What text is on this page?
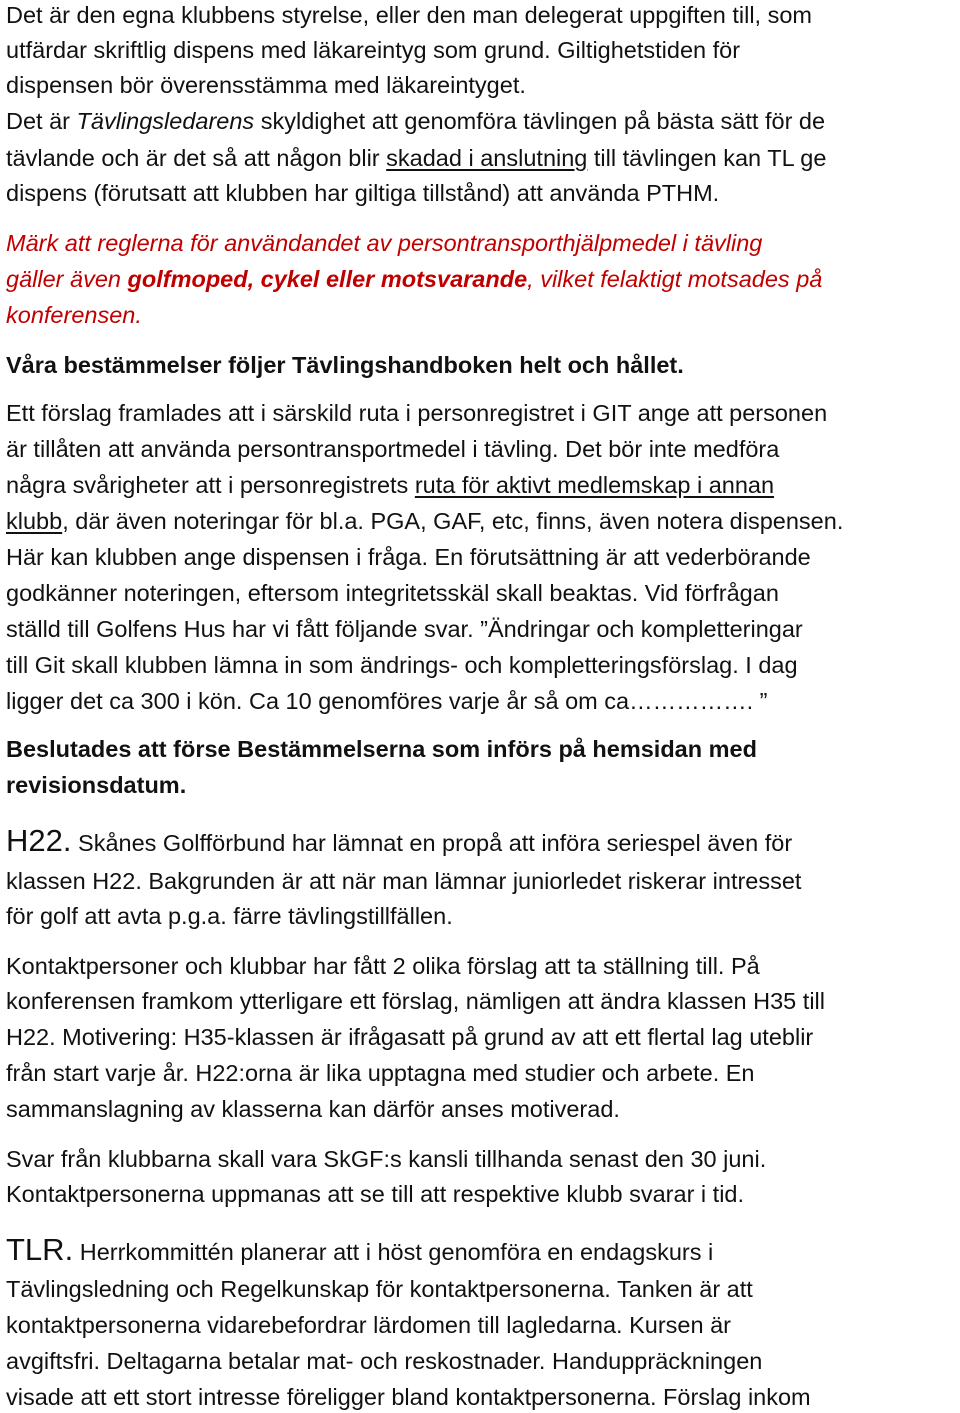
Det är den egna klubbens styrelse, eller den man delegerat uppgiften till, som
utfärdar skriftlig dispens med läkareintyg som grund. Giltighetstiden för
dispensen bör överensstämma med läkareintyget.
Det är Tävlingsledarens skyldighet att genomföra tävlingen på bästa sätt för de
tävlande och är det så att någon blir skadad i anslutning till tävlingen kan TL ge
dispens (förutsatt att klubben har giltiga tillstånd) att använda PTHM.
Märk att reglerna för användandet av persontransporthjälpmedel i tävling
gäller även golfmoped, cykel eller motsvarande, vilket felaktigt motsades på
konferensen.
Våra bestämmelser följer Tävlingshandboken helt och hållet.
Ett förslag framlades att i särskild ruta i personregistret i GIT ange att personen
är tillåten att använda persontransportmedel i tävling. Det bör inte medföra
några svårigheter att i personregistrets ruta för aktivt medlemskap i annan
klubb, där även noteringar för bl.a. PGA, GAF, etc, finns, även notera dispensen.
Här kan klubben ange dispensen i fråga. En förutsättning är att vederbörande
godkänner noteringen, eftersom integritetsskäl skall beaktas. Vid förfrågan
ställd till Golfens Hus har vi fått följande svar. ”Ändringar och kompletteringar
till Git skall klubben lämna in som ändrings- och kompletteringsförslag. I dag
ligger det ca 300 i kön. Ca 10 genomföres varje år så om ca……………. ”
Beslutades att förse Bestämmelserna som införs på hemsidan med
revisionsdatum.
H22. Skånes Golfförbund har lämnat en propå att införa seriespel även för
klassen H22. Bakgrunden är att när man lämnar juniorledet riskerar intresset
för golf att avta p.g.a. färre tävlingstillfällen.
Kontaktpersoner och klubbar har fått 2 olika förslag att ta ställning till. På
konferensen framkom ytterligare ett förslag, nämligen att ändra klassen H35 till
H22. Motivering: H35-klassen är ifrågasatt på grund av att ett flertal lag uteblir
från start varje år. H22:orna är lika upptagna med studier och arbete. En
sammanslagning av klasserna kan därför anses motiverad.
Svar från klubbarna skall vara SkGF:s kansli tillhanda senast den 30 juni.
Kontaktpersonerna uppmanas att se till att respektive klubb svarar i tid.
TLR. Herrkommittén planerar att i höst genomföra en endagskurs i
Tävlingsledning och Regelkunskap för kontaktpersonerna. Tanken är att
kontaktpersonerna vidarebefordrar lärdomen till lagledarna. Kursen är
avgiftsfri. Deltagarna betalar mat- och reskostnader. Handuppräckningen
visade att ett stort intresse föreligger bland kontaktpersonerna. Förslag inkom
